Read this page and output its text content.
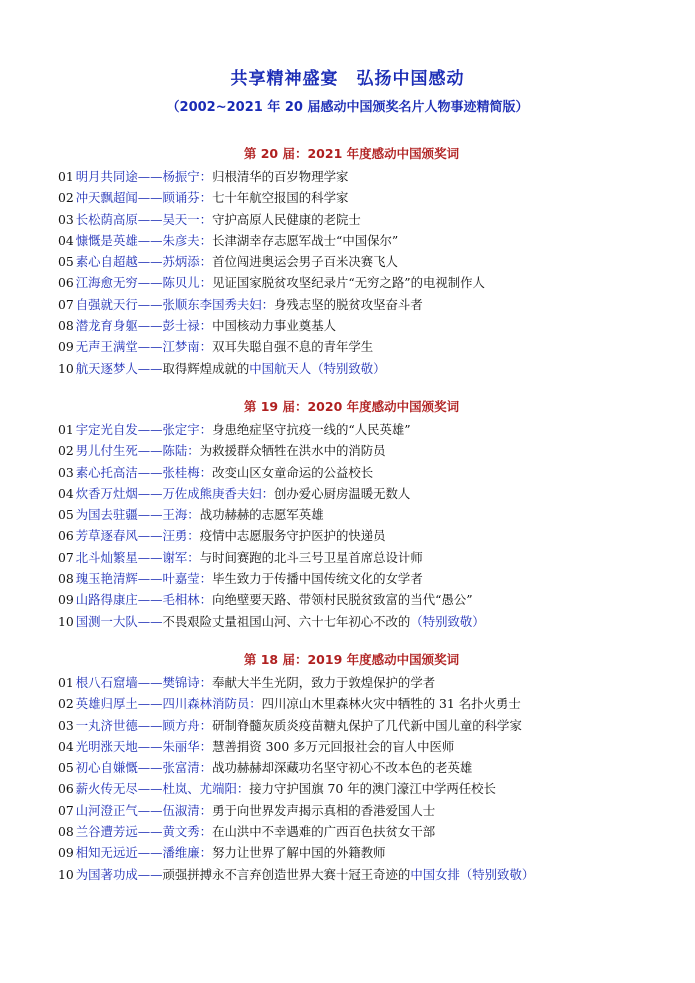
共享精神盛宴　弘扬中国感动
（2002~2021 年 20 届感动中国颁奖名片人物事迹精简版）
第 20 届：2021 年度感动中国颁奖词
01 明月共同途——杨振宁：归根清华的百岁物理学家
02 冲天飘超闻——顾诵芬：七十年航空报国的科学家
03 长松荫高原——吴天一：守护高原人民健康的老院士
04 慷慨是英雄——朱彦夫：长津湖幸存志愿军战士“中国保尔”
05 素心自超越——苏炳添：首位闯进奥运会男子百米决赛飞人
06 江海愈无穷——陈贝儿：见证国家脱贫攻坚纪录片“无穷之路”的电视制作人
07 自强就天行——张顺东李国秀夫妇：身残志坚的脱贫攻坚奋斗者
08 潜龙育身躯——彭士禄：中国核动力事业奠基人
09 无声王满堂——江梦南：双耳失聪自强不息的青年学生
10 航天逐梦人——取得辉煌成就的中国航天人（特别致敬）
第 19 届：2020 年度感动中国颁奖词
01 宇定光自发——张定宇：身患绝症坚守抗疫一线的“人民英雄”
02 男儿付生死——陈陆：为救援群众牺牲在洪水中的消防员
03 素心托高洁——张桂梅：改变山区女童命运的公益校长
04 炊香万灶烟——万佐成熊庚香夫妇：创办爱心厨房温暖无数人
05 为国去驻疆——王海：战功赫赫的志愿军英雄
06 芳草逐春风——汪勇：疫情中志愿服务守护医护的快递员
07 北斗灿繁星——谢军：与时间赛跑的北斗三号卫星首席总设计师
08 瑰玉艳清辉——叶嘉莹：毕生致力于传播中国传统文化的女学者
09 山路得康庄——毛相林：向绝壁要天路、带领村民脱贫致富的当代“愚公”
10 国测一大队——不畏艰险丈量祖国山河、六十七年初心不改的（特别致敬）
第 18 届：2019 年度感动中国颁奖词
01 根八石窟墙——樊锦诗：奉献大半生光阴，致力于敦煌保护的学者
02 英雄归厚土——四川森林消防员：四川凉山木里森林火灾中牺牲的 31 名扑火勇士
03 一丸济世德——顾方舟：研制脊髓灰质炎疫苗糖丸保护了几代新中国儿童的科学家
04 光明涨天地——朱丽华：慧善捐资 300 多万元回报社会的盲人中医师
05 初心自嫌慨——张富清：战功赫赫却深藏功名坚守初心不改本色的老英雄
06 薪火传无尽——杜岚、尤端阳：接力守护国旗 70 年的澳门濠江中学两任校长
07 山河澄正气——伍淑清：勇于向世界发声揭示真相的香港爱国人士
08 兰谷遭芳远——黄文秀：在山洪中不幸遇难的广西百色扶贫女干部
09 相知无远近——潘维廉：努力让世界了解中国的外籍教师
10 为国著功成——顽强拼搏永不言弃创造世界大赛十冠王奇迹的中国女排（特别致敬）
